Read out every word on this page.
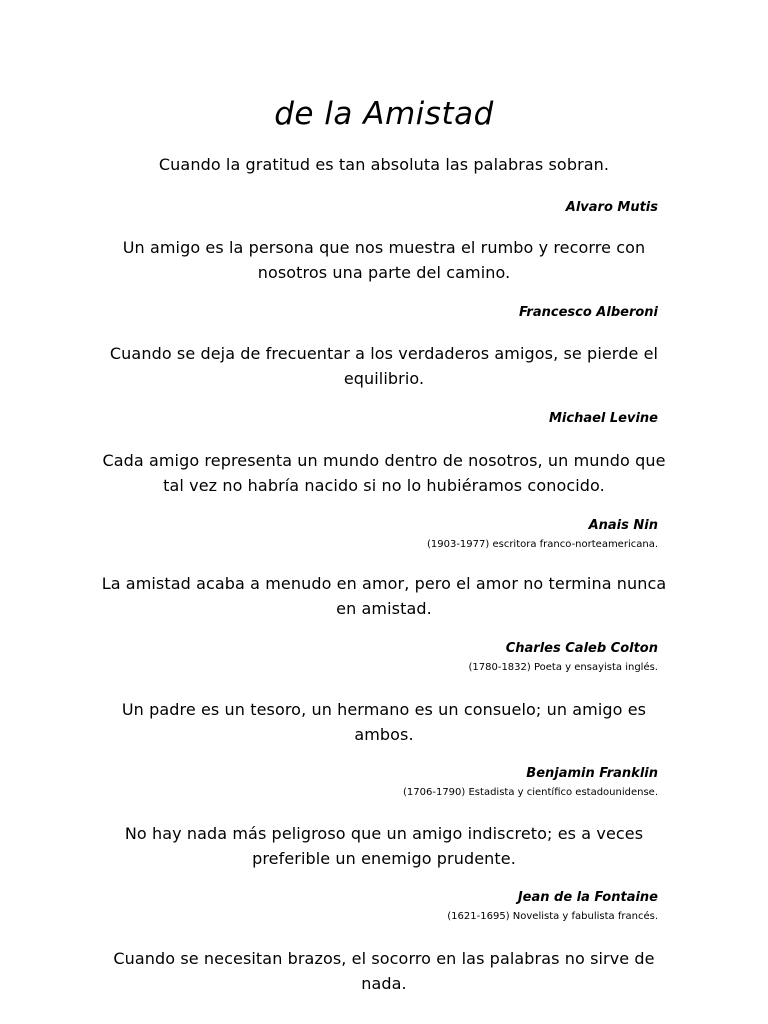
de la Amistad

Cuando la gratitud es tan absoluta las palabras sobran.

Alvaro Mutis

Un amigo es la persona que nos muestra el rumbo y recorre con nosotros una parte del camino.

Francesco Alberoni

Cuando se deja de frecuentar a los verdaderos amigos, se pierde el equilibrio.

Michael Levine

Cada amigo representa un mundo dentro de nosotros, un mundo que tal vez no habría nacido si no lo hubiéramos conocido.

Anais Nin

(1903-1977) escritora franco-norteamericana.

La amistad acaba a menudo en amor, pero el amor no termina nunca en amistad.

Charles Caleb Colton

(1780-1832) Poeta y ensayista inglés.

Un padre es un tesoro, un hermano es un consuelo; un amigo es ambos.

Benjamin Franklin

(1706-1790) Estadista y científico estadounidense.

No hay nada más peligroso que un amigo indiscreto; es a veces preferible un enemigo prudente.

Jean de la Fontaine

(1621-1695) Novelista y fabulista francés.

Cuando se necesitan brazos, el socorro en las palabras no sirve de nada.
